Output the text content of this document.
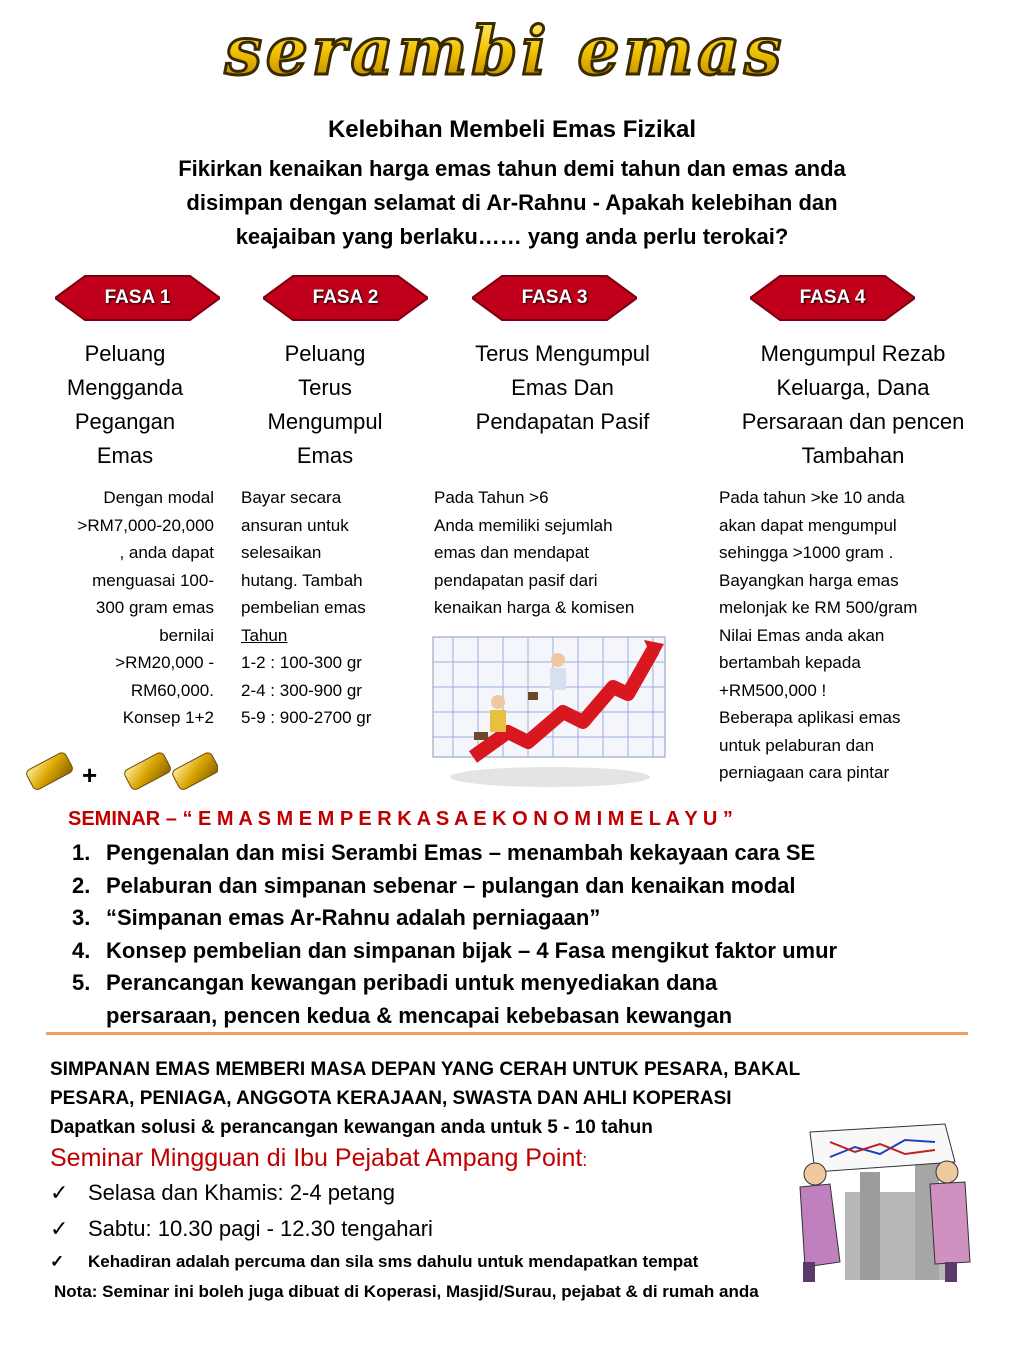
serambi emas
Kelebihan Membeli Emas Fizikal
Fikirkan kenaikan harga emas tahun demi tahun dan emas anda
disimpan dengan selamat di Ar-Rahnu - Apakah kelebihan dan
keajaiban yang berlaku…… yang anda perlu terokai?
FASA 1	FASA 2	FASA 3	FASA 4
Peluang
Mengganda
Pegangan
Emas
Peluang
Terus
Mengumpul
Emas
Terus Mengumpul
Emas Dan
Pendapatan Pasif
Mengumpul Rezab
Keluarga, Dana
Persaraan dan pencen
Tambahan
Dengan modal
>RM7,000-20,000
, anda dapat
menguasai 100-
300 gram emas
bernilai
>RM20,000 -
RM60,000.
Konsep 1+2
Bayar secara
ansuran untuk
selesaikan
hutang. Tambah
pembelian emas
Tahun
1-2 : 100-300 gr
2-4 : 300-900 gr
5-9 : 900-2700 gr
Pada Tahun >6
Anda memiliki sejumlah
emas dan mendapat
pendapatan pasif dari
kenaikan harga & komisen
Pada tahun >ke 10 anda
akan dapat mengumpul
sehingga >1000 gram .
Bayangkan harga emas
melonjak ke RM 500/gram
Nilai Emas anda akan
bertambah kepada
+RM500,000 !
Beberapa aplikasi emas
untuk pelaburan dan
perniagaan cara pintar
+
SEMINAR – “ E M A S M E M P E R K A S A E K O N O M I M E L A Y U ”
1. Pengenalan dan misi Serambi Emas – menambah kekayaan cara SE
2. Pelaburan dan simpanan sebenar – pulangan dan kenaikan modal
3. “Simpanan emas Ar-Rahnu adalah perniagaan”
4. Konsep pembelian dan simpanan bijak – 4 Fasa mengikut faktor umur
5. Perancangan kewangan peribadi untuk menyediakan dana
persaraan, pencen kedua & mencapai kebebasan kewangan
SIMPANAN EMAS MEMBERI MASA DEPAN YANG CERAH UNTUK PESARA, BAKAL
PESARA, PENIAGA, ANGGOTA KERAJAAN, SWASTA DAN AHLI KOPERASI
Dapatkan solusi & perancangan kewangan anda untuk 5 - 10 tahun
Seminar Mingguan di Ibu Pejabat Ampang Point:
✓ Selasa dan Khamis: 2-4 petang
✓ Sabtu: 10.30 pagi - 12.30 tengahari
✓	Kehadiran adalah percuma dan sila sms dahulu untuk mendapatkan tempat
Nota: Seminar ini boleh juga dibuat di Koperasi, Masjid/Surau, pejabat & di rumah anda
